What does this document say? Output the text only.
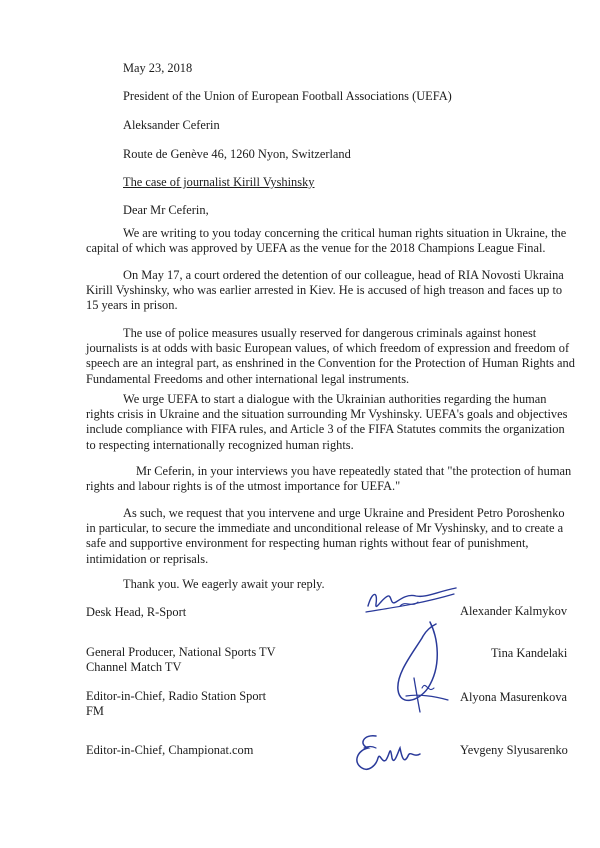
May 23, 2018

President of the Union of European Football Associations (UEFA)

Aleksander Ceferin

Route de Genève 46, 1260 Nyon, Switzerland

The case of journalist Kirill Vyshinsky

Dear Mr Ceferin,

We are writing to you today concerning the critical human rights situation in Ukraine, the
capital of which was approved by UEFA as the venue for the 2018 Champions League Final.
On May 17, a court ordered the detention of our colleague, head of RIA Novosti Ukraina
Kirill Vyshinsky, who was earlier arrested in Kiev. He is accused of high treason and faces up to
15 years in prison.
The use of police measures usually reserved for dangerous criminals against honest
journalists is at odds with basic European values, of which freedom of expression and freedom of
speech are an integral part, as enshrined in the Convention for the Protection of Human Rights and
Fundamental Freedoms and other international legal instruments.
We urge UEFA to start a dialogue with the Ukrainian authorities regarding the human
rights crisis in Ukraine and the situation surrounding Mr Vyshinsky. UEFA's goals and objectives
include compliance with FIFA rules, and Article 3 of the FIFA Statutes commits the organization
to respecting internationally recognized human rights.
Mr Ceferin, in your interviews you have repeatedly stated that "the protection of human
rights and labour rights is of the utmost importance for UEFA."
As such, we request that you intervene and urge Ukraine and President Petro Poroshenko
in particular, to secure the immediate and unconditional release of Mr Vyshinsky, and to create a
safe and supportive environment for respecting human rights without fear of punishment,
intimidation or reprisals.

Thank you. We eagerly await your reply.

Desk Head, R-Sport

General Producer, National Sports TV
Channel Match TV
Editor-in-Chief, Radio Station Sport
FM

Editor-in-Chief, Championat.com

Alexander Kalmykov

Tina Kandelaki

Alyona Masurenkova

Yevgeny Slyusarenko
